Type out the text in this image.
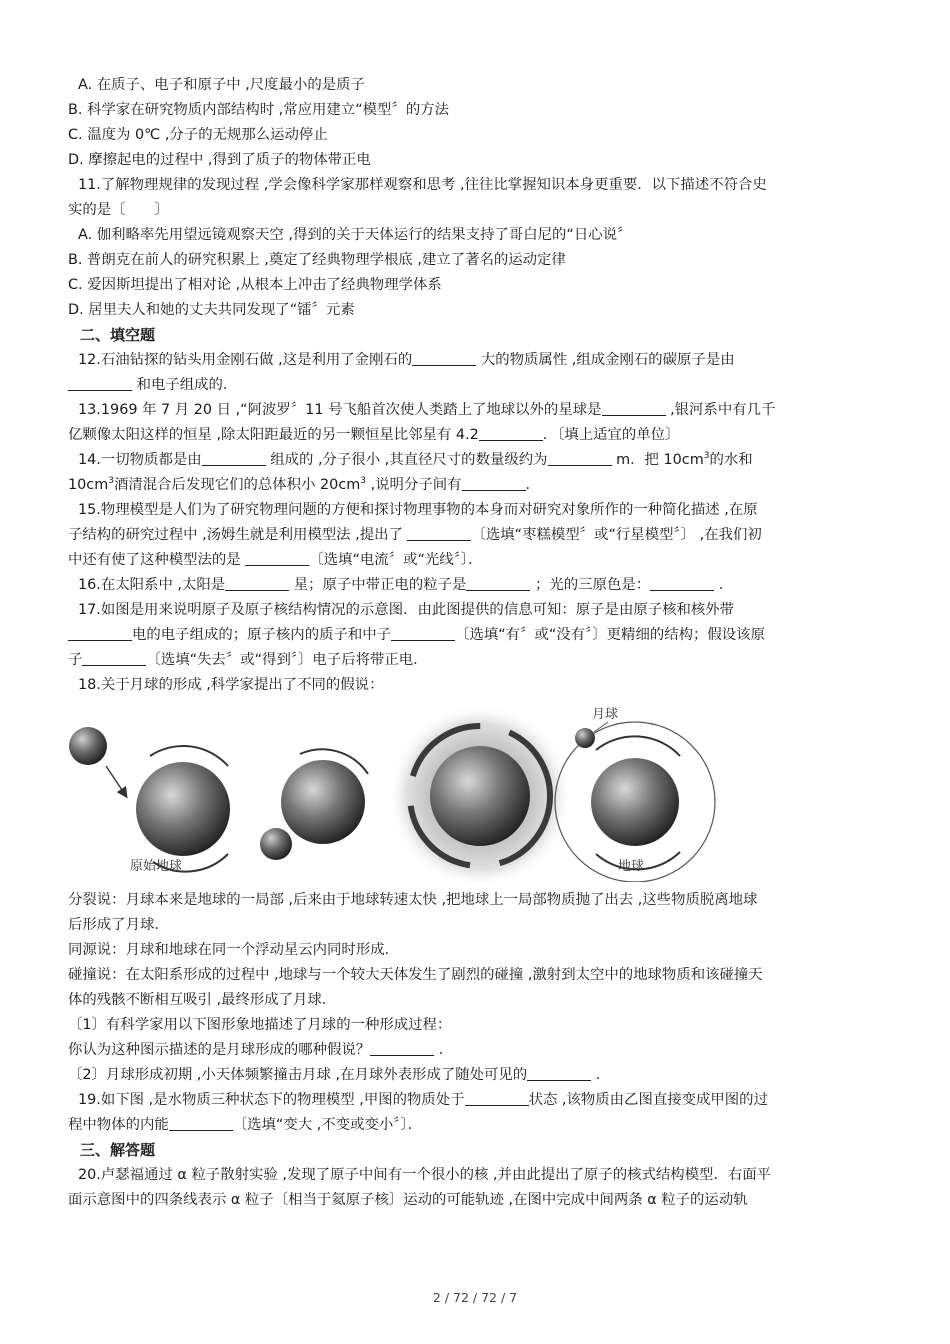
A. 在质子、电子和原子中 ,尺度最小的是质子
B. 科学家在研究物质内部结构时 ,常应用建立“模型〞的方法
C. 温度为 0℃ ,分子的无规那么运动停止
D. 摩擦起电的过程中 ,得到了质子的物体带正电
11.了解物理规律的发现过程 ,学会像科学家那样观察和思考 ,往往比掌握知识本身更重要．以下描述不符合史
实的是〔　　〕
A. 伽利略率先用望远镜观察天空 ,得到的关于天体运行的结果支持了哥白尼的“日心说〞
B. 普朗克在前人的研究积累上 ,奠定了经典物理学根底 ,建立了著名的运动定律
C. 爱因斯坦提出了相对论 ,从根本上冲击了经典物理学体系
D. 居里夫人和她的丈夫共同发现了“镭〞元素
二、填空题
12.石油钻探的钻头用金刚石做 ,这是利用了金刚石的	大的物质属性 ,组成金刚石的碳原子是由
和电子组成的．
13.1969 年 7 月 20 日 ,“阿波罗〞11 号飞船首次使人类踏上了地球以外的星球是	,银河系中有几千
亿颗像太阳这样的恒星 ,除太阳距最近的另一颗恒星比邻星有 4.2	．〔填上适宜的单位〕
14.一切物质都是由	组成的 ,分子很小 ,其直径尺寸的数量级约为	m．把 $10cm^3$的水和
$10cm^3$酒清混合后发现它们的总体积小 $20cm^3$ ,说明分子间有	．
15.物理模型是人们为了研究物理问题的方便和探讨物理事物的本身而对研究对象所作的一种简化描述 ,在原
子结构的研究过程中 ,汤姆生就是利用模型法 ,提出了	〔选填“枣糕模型〞或“行星模型〞〕 ,在我们初
中还有使了这种模型法的是	〔选填“电流〞或“光线〞〕．
16.在太阳系中 ,太阳是	星；原子中带正电的粒子是	；光的三原色是：	．
17.如图是用来说明原子及原子核结构情况的示意图．由此图提供的信息可知：原子是由原子核和核外带
电的电子组成的；原子核内的质子和中子	〔选填“有〞或“没有〞〕更精细的结构；假设该原
子	〔选填“失去〞或“得到〞〕电子后将带正电．
18.关于月球的形成 ,科学家提出了不同的假说：
原始地球
月球
地球
分裂说：月球本来是地球的一局部 ,后来由于地球转速太快 ,把地球上一局部物质抛了出去 ,这些物质脱离地球
后形成了月球．
同源说：月球和地球在同一个浮动星云内同时形成．
碰撞说：在太阳系形成的过程中 ,地球与一个较大天体发生了剧烈的碰撞 ,激射到太空中的地球物质和该碰撞天
体的残骸不断相互吸引 ,最终形成了月球．
〔1〕有科学家用以下图形象地描述了月球的一种形成过程：
你认为这种图示描述的是月球形成的哪种假说？	．
〔2〕月球形成初期 ,小天体频繁撞击月球 ,在月球外表形成了随处可见的	．
19.如下图 ,是水物质三种状态下的物理模型 ,甲图的物质处于	状态 ,该物质由乙图直接变成甲图的过
程中物体的内能	〔选填“变大 ,不变或变小〞〕．
三、解答题
20.卢瑟福通过 α 粒子散射实验 ,发现了原子中间有一个很小的核 ,并由此提出了原子的核式结构模型．右面平
面示意图中的四条线表示 α 粒子〔相当于氦原子核〕运动的可能轨迹 ,在图中完成中间两条 α 粒子的运动轨
2 / 72 / 72 / 7
